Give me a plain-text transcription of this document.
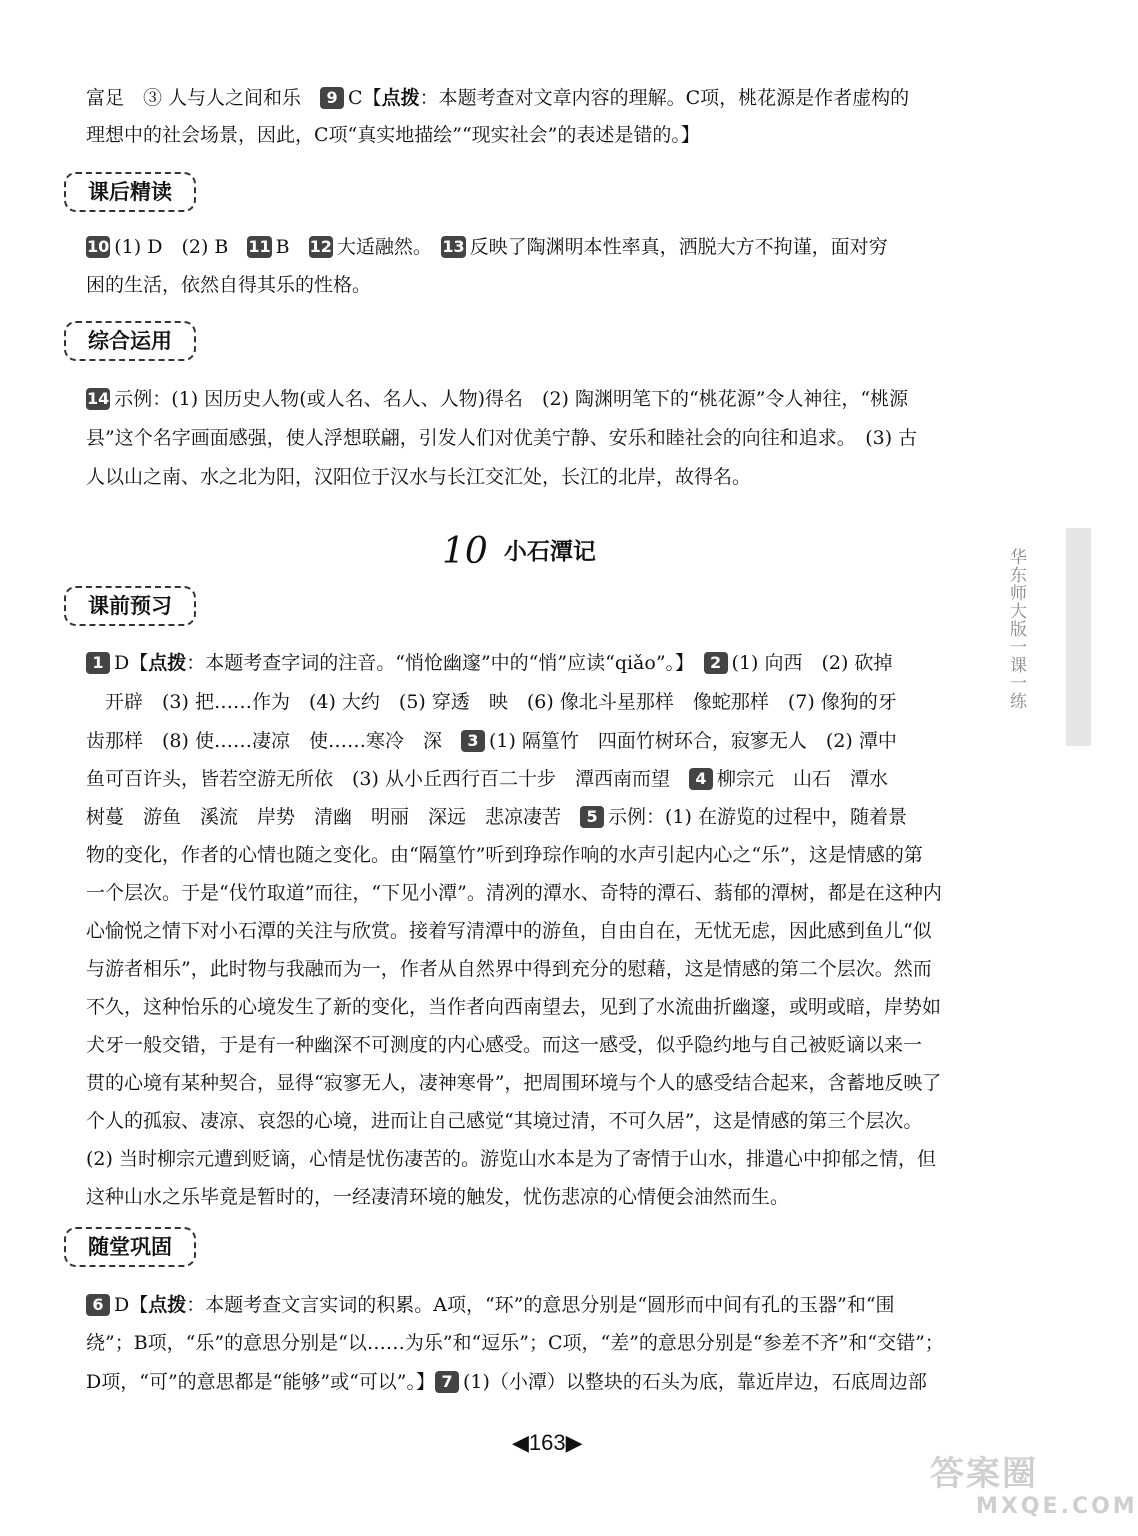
富足　③ 人与人之间和乐　9 C【点拨：本题考查对文章内容的理解。C项，桃花源是作者虚构的
理想中的社会场景，因此，C项“真实地描绘”“现实社会”的表述是错的。】
课后精读
10 (1) D　(2) B　11 B　12 大适融然。　13 反映了陶渊明本性率真，洒脱大方不拘谨，面对穷
困的生活，依然自得其乐的性格。
综合运用
14 示例：(1) 因历史人物(或人名、名人、人物)得名　(2) 陶渊明笔下的“桃花源”令人神往，“桃源
县”这个名字画面感强，使人浮想联翩，引发人们对优美宁静、安乐和睦社会的向往和追求。　(3) 古
人以山之南、水之北为阳，汉阳位于汉水与长江交汇处，长江的北岸，故得名。
10 小石潭记
课前预习
1 D【点拨：本题考查字词的注音。“悄怆幽邃”中的“悄”应读“qiǎo”。】　2 (1) 向西　(2) 砍掉
　开辟　(3) 把……作为　(4) 大约　(5) 穿透　映　(6) 像北斗星那样　像蛇那样　(7) 像狗的牙
齿那样　(8) 使……凄凉　使……寒冷　深　3 (1) 隔篁竹　四面竹树环合，寂寥无人　(2) 潭中
鱼可百许头，皆若空游无所依　(3) 从小丘西行百二十步　潭西南而望　4 柳宗元　山石　潭水
树蔓　游鱼　溪流　岸势　清幽　明丽　深远　悲凉凄苦　5 示例：(1) 在游览的过程中，随着景
物的变化，作者的心情也随之变化。由“隔篁竹”听到琤琮作响的水声引起内心之“乐”，这是情感的第
一个层次。于是“伐竹取道”而往，“下见小潭”。清冽的潭水、奇特的潭石、蓊郁的潭树，都是在这种内
心愉悦之情下对小石潭的关注与欣赏。接着写清潭中的游鱼，自由自在，无忧无虑，因此感到鱼儿“似
与游者相乐”，此时物与我融而为一，作者从自然界中得到充分的慰藉，这是情感的第二个层次。然而
不久，这种怡乐的心境发生了新的变化，当作者向西南望去，见到了水流曲折幽邃，或明或暗，岸势如
犬牙一般交错，于是有一种幽深不可测度的内心感受。而这一感受，似乎隐约地与自己被贬谪以来一
贯的心境有某种契合，显得“寂寥无人，凄神寒骨”，把周围环境与个人的感受结合起来，含蓄地反映了
个人的孤寂、凄凉、哀怨的心境，进而让自己感觉“其境过清，不可久居”，这是情感的第三个层次。
(2) 当时柳宗元遭到贬谪，心情是忧伤凄苦的。游览山水本是为了寄情于山水，排遣心中抑郁之情，但
这种山水之乐毕竟是暂时的，一经凄清环境的触发，忧伤悲凉的心情便会油然而生。
随堂巩固
6 D【点拨：本题考查文言实词的积累。A项，“环”的意思分别是“圆形而中间有孔的玉器”和“围
绕”；B项，“乐”的意思分别是“以……为乐”和“逗乐”；C项，“差”的意思分别是“参差不齐”和“交错”；
D项，“可”的意思都是“能够”或“可以”。】 7 (1)（小潭）以整块的石头为底，靠近岸边，石底周边部
华东师大版一课一练
◀163▶
答案圈
MXQE.COM
